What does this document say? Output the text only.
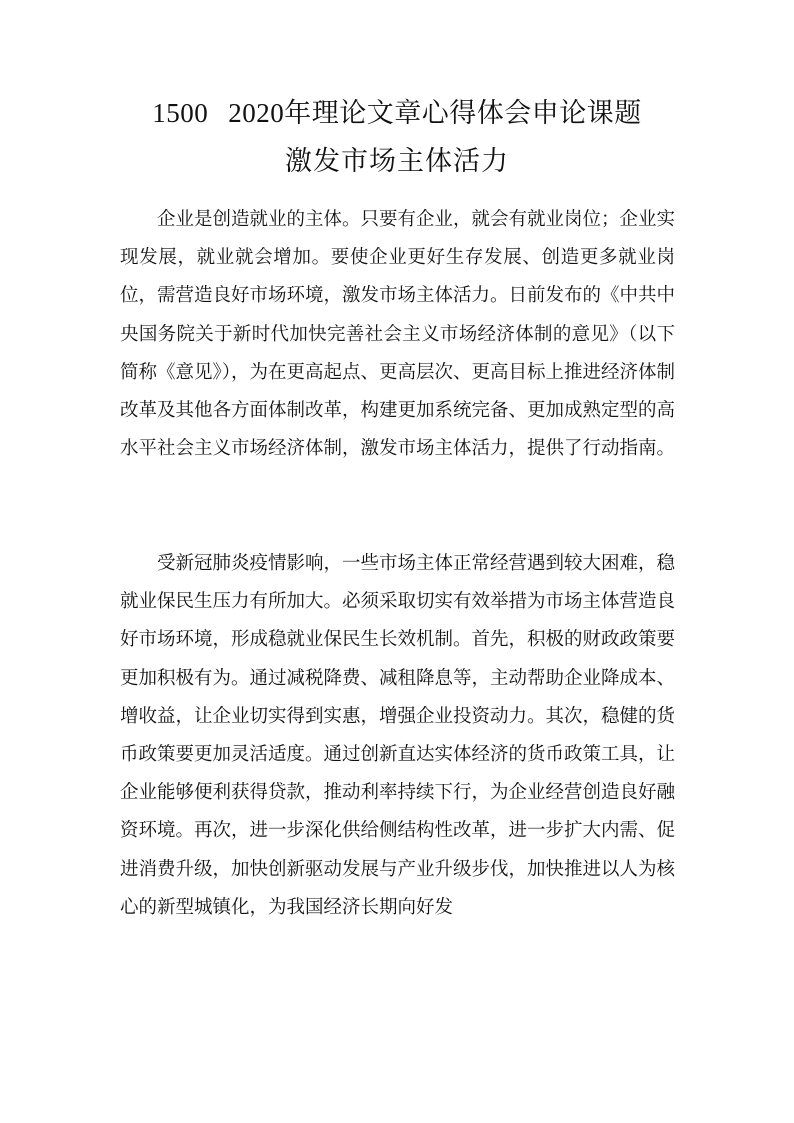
1500 2020年理论文章心得体会申论课题
激发市场主体活力

企业是创造就业的主体。只要有企业，就会有就业岗位；企业实现发展，就业就会增加。要使企业更好生存发展、创造更多就业岗位，需营造良好市场环境，激发市场主体活力。日前发布的《中共中央国务院关于新时代加快完善社会主义市场经济体制的意见》（以下简称《意见》），为在更高起点、更高层次、更高目标上推进经济体制改革及其他各方面体制改革，构建更加系统完备、更加成熟定型的高水平社会主义市场经济体制，激发市场主体活力，提供了行动指南。

受新冠肺炎疫情影响，一些市场主体正常经营遇到较大困难，稳就业保民生压力有所加大。必须采取切实有效举措为市场主体营造良好市场环境，形成稳就业保民生长效机制。首先，积极的财政政策要更加积极有为。通过减税降费、减租降息等，主动帮助企业降成本、增收益，让企业切实得到实惠，增强企业投资动力。其次，稳健的货币政策要更加灵活适度。通过创新直达实体经济的货币政策工具，让企业能够便利获得贷款，推动利率持续下行，为企业经营创造良好融资环境。再次，进一步深化供给侧结构性改革，进一步扩大内需、促进消费升级，加快创新驱动发展与产业升级步伐，加快推进以人为核心的新型城镇化，为我国经济长期向好发
